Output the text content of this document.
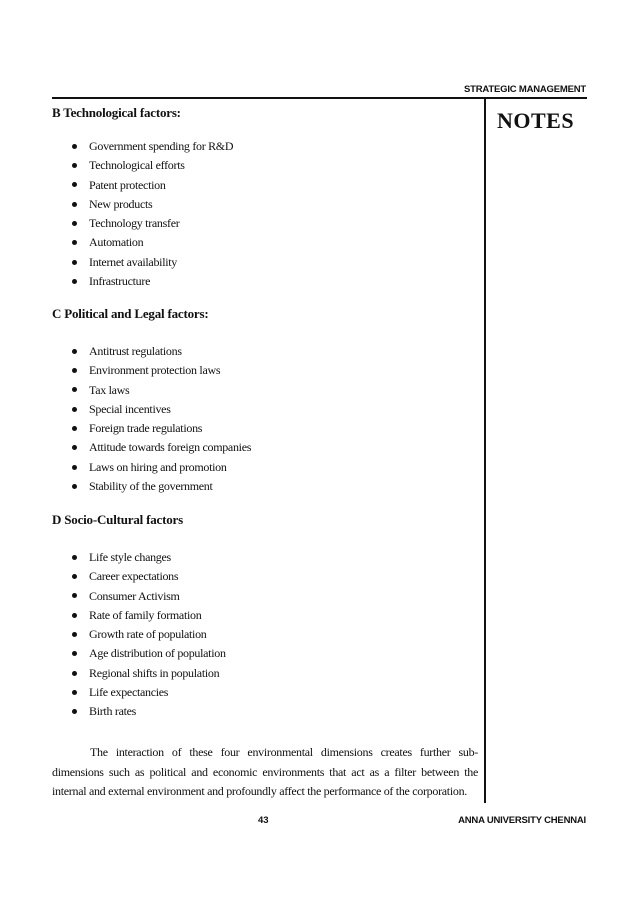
STRATEGIC MANAGEMENT
NOTES
B Technological factors:
Government spending for R&D
Technological efforts
Patent protection
New products
Technology transfer
Automation
Internet availability
Infrastructure
C Political and Legal factors:
Antitrust regulations
Environment protection laws
Tax laws
Special incentives
Foreign trade regulations
Attitude towards foreign companies
Laws on hiring and promotion
Stability of the government
D Socio-Cultural factors
Life style changes
Career expectations
Consumer Activism
Rate of family formation
Growth rate of population
Age distribution of population
Regional shifts in population
Life expectancies
Birth rates

The interaction of these four environmental dimensions creates further sub-dimensions such as political and economic environments that act as a filter between the internal and external environment and profoundly affect the performance of the corporation.

43	ANNA UNIVERSITY CHENNAI
